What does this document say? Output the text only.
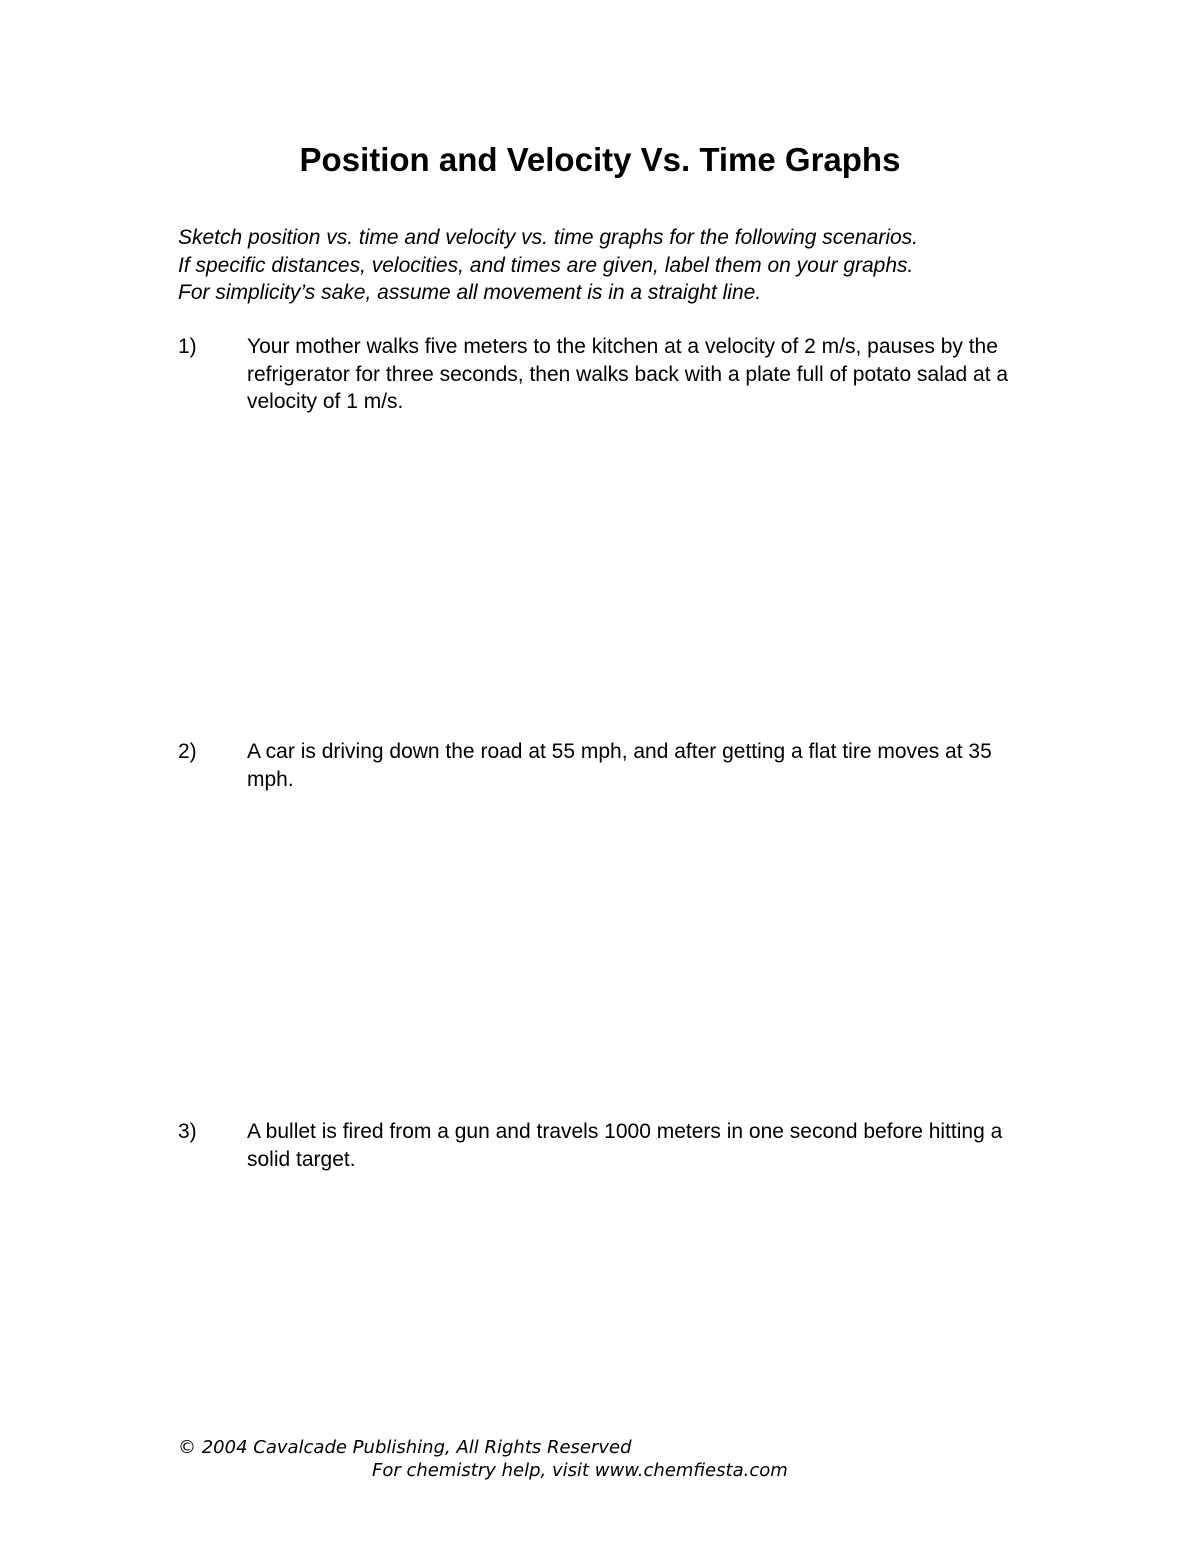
Position and Velocity Vs. Time Graphs
Sketch position vs. time and velocity vs. time graphs for the following scenarios.
If specific distances, velocities, and times are given, label them on your graphs.
For simplicity’s sake, assume all movement is in a straight line.
1) Your mother walks five meters to the kitchen at a velocity of 2 m/s, pauses by the refrigerator for three seconds, then walks back with a plate full of potato salad at a velocity of 1 m/s.
2) A car is driving down the road at 55 mph, and after getting a flat tire moves at 35 mph.
3) A bullet is fired from a gun and travels 1000 meters in one second before hitting a solid target.
© 2004 Cavalcade Publishing, All Rights Reserved
For chemistry help, visit www.chemfiesta.com
